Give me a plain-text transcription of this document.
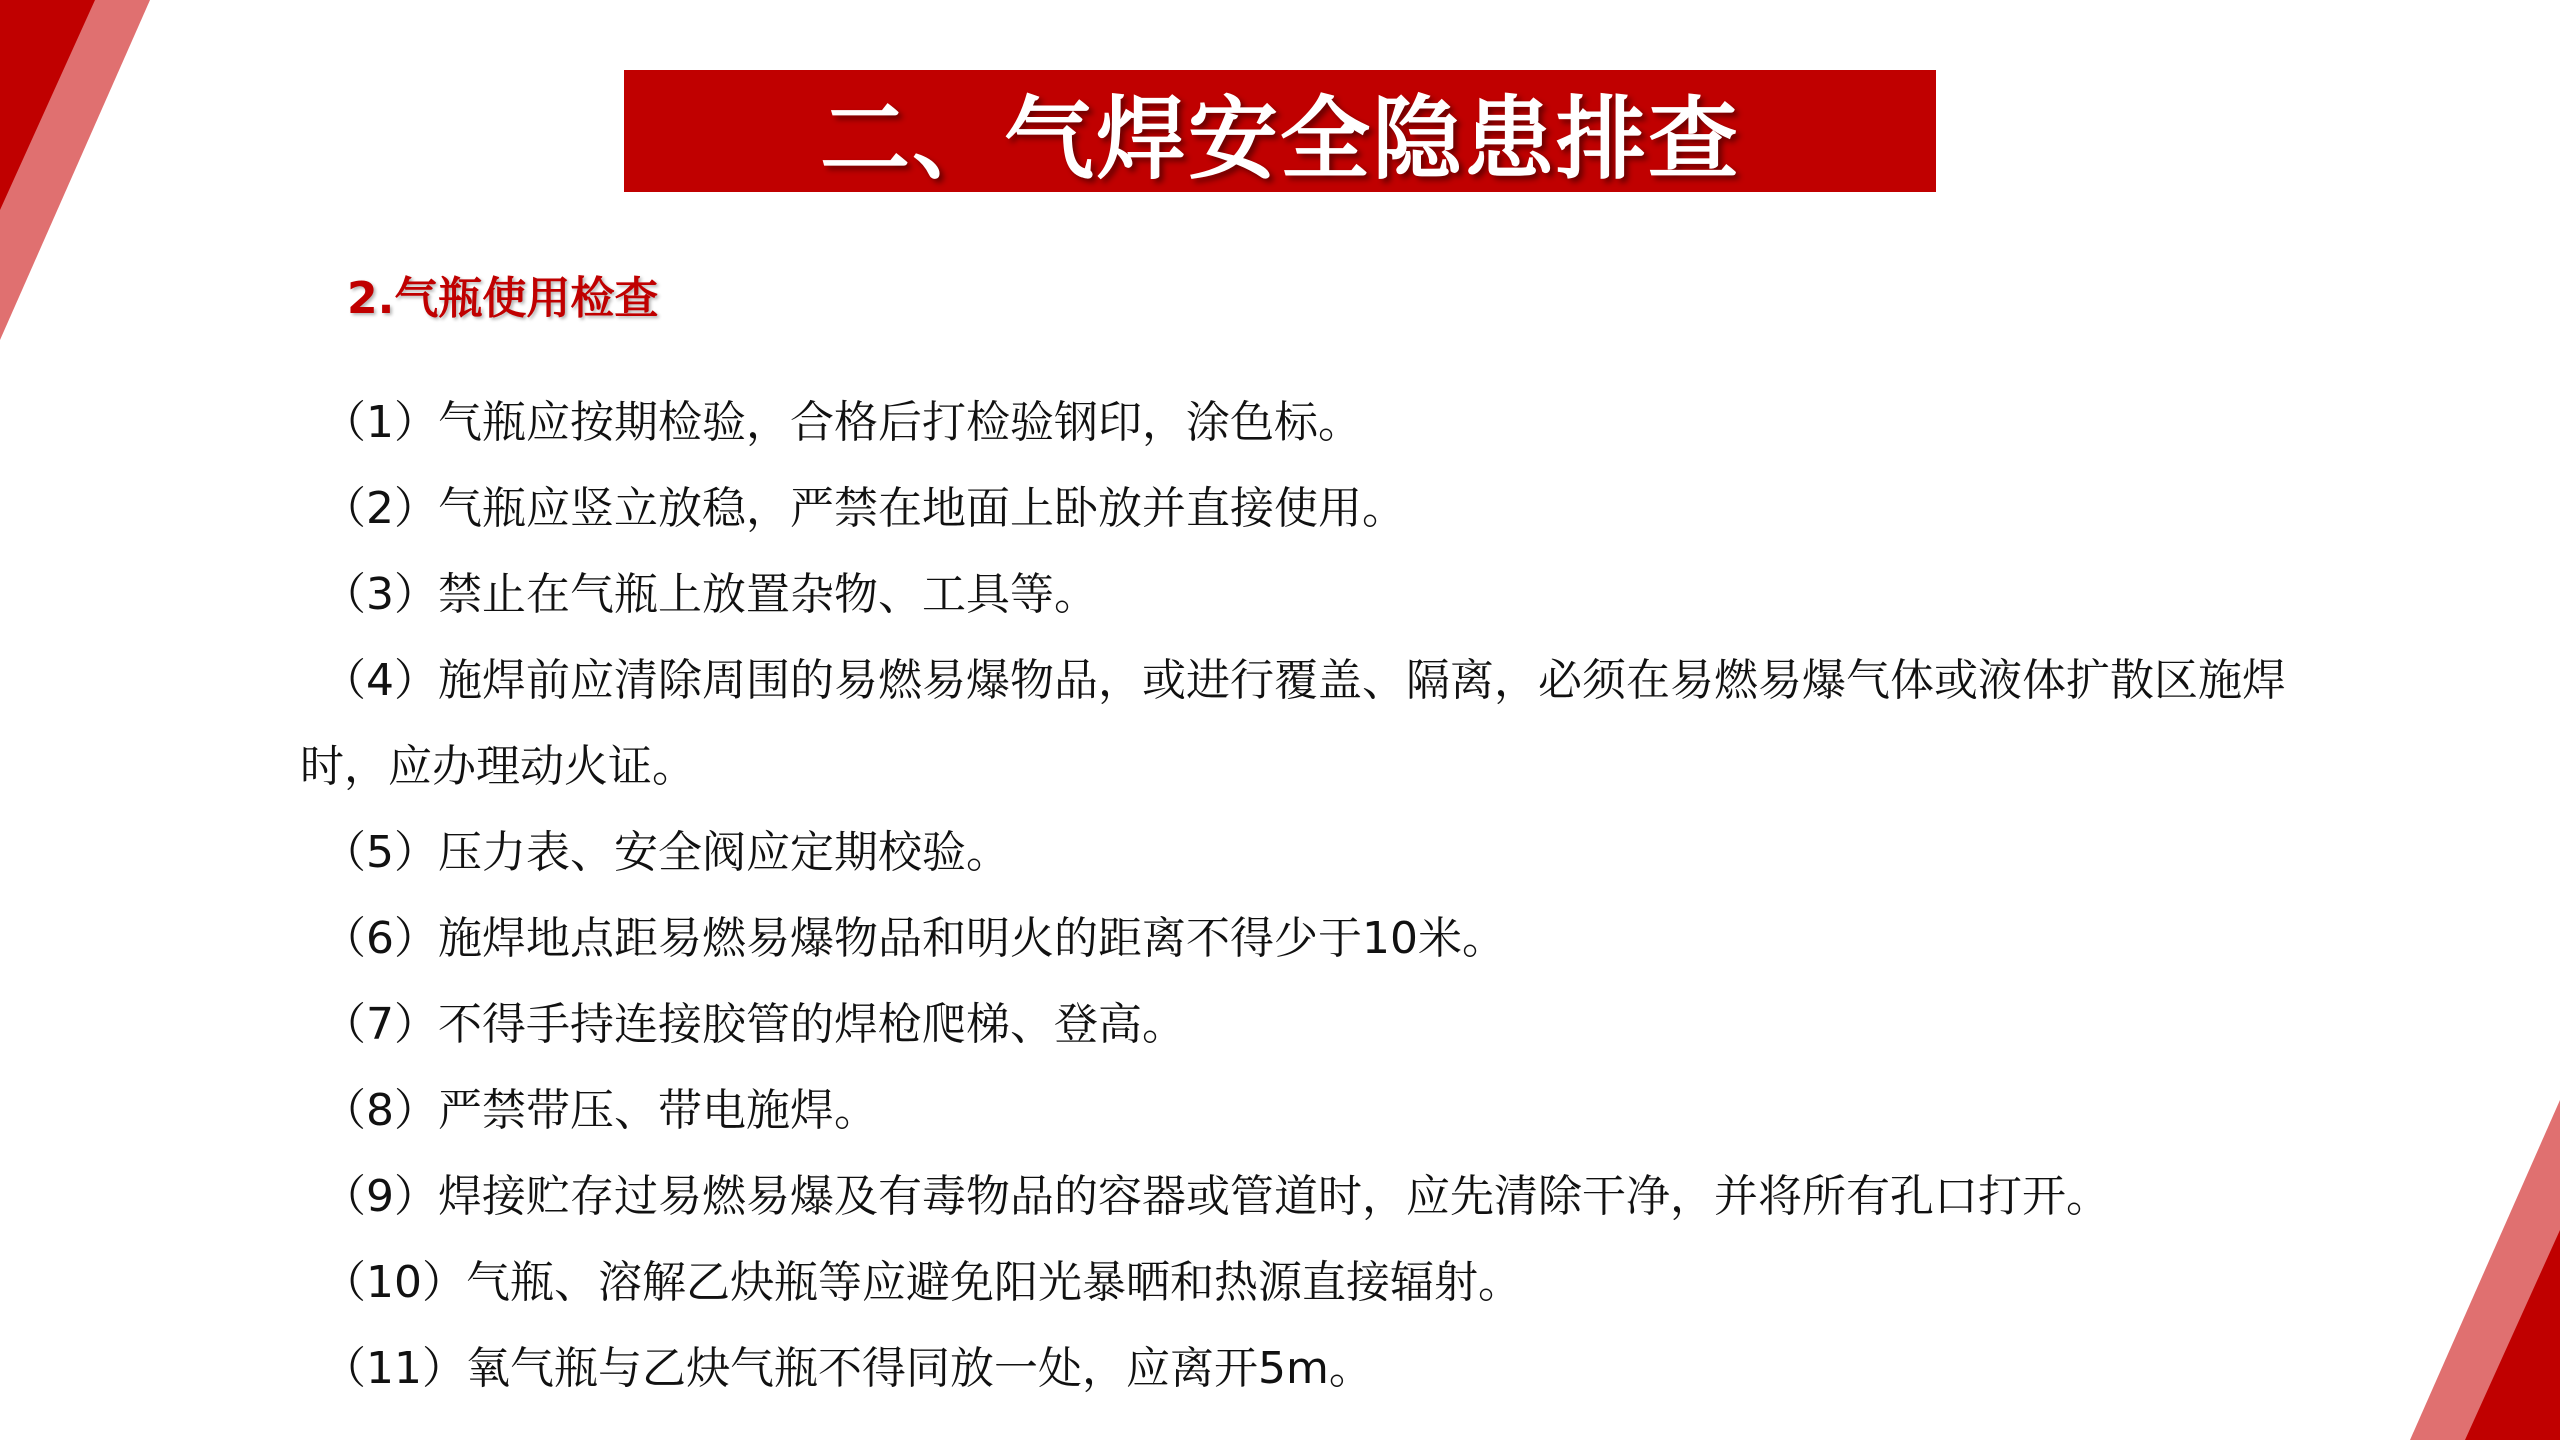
二、气焊安全隐患排查
2.气瓶使用检查
（1）气瓶应按期检验，合格后打检验钢印，涂色标。
（2）气瓶应竖立放稳，严禁在地面上卧放并直接使用。
（3）禁止在气瓶上放置杂物、工具等。
（4）施焊前应清除周围的易燃易爆物品，或进行覆盖、隔离，必须在易燃易爆气体或液体扩散区施焊时，应办理动火证。
（5）压力表、安全阀应定期校验。
（6）施焊地点距易燃易爆物品和明火的距离不得少于10米。
（7）不得手持连接胶管的焊枪爬梯、登高。
（8）严禁带压、带电施焊。
（9）焊接贮存过易燃易爆及有毒物品的容器或管道时，应先清除干净，并将所有孔口打开。
（10）气瓶、溶解乙炔瓶等应避免阳光暴晒和热源直接辐射。
（11）氧气瓶与乙炔气瓶不得同放一处，应离开5m。
